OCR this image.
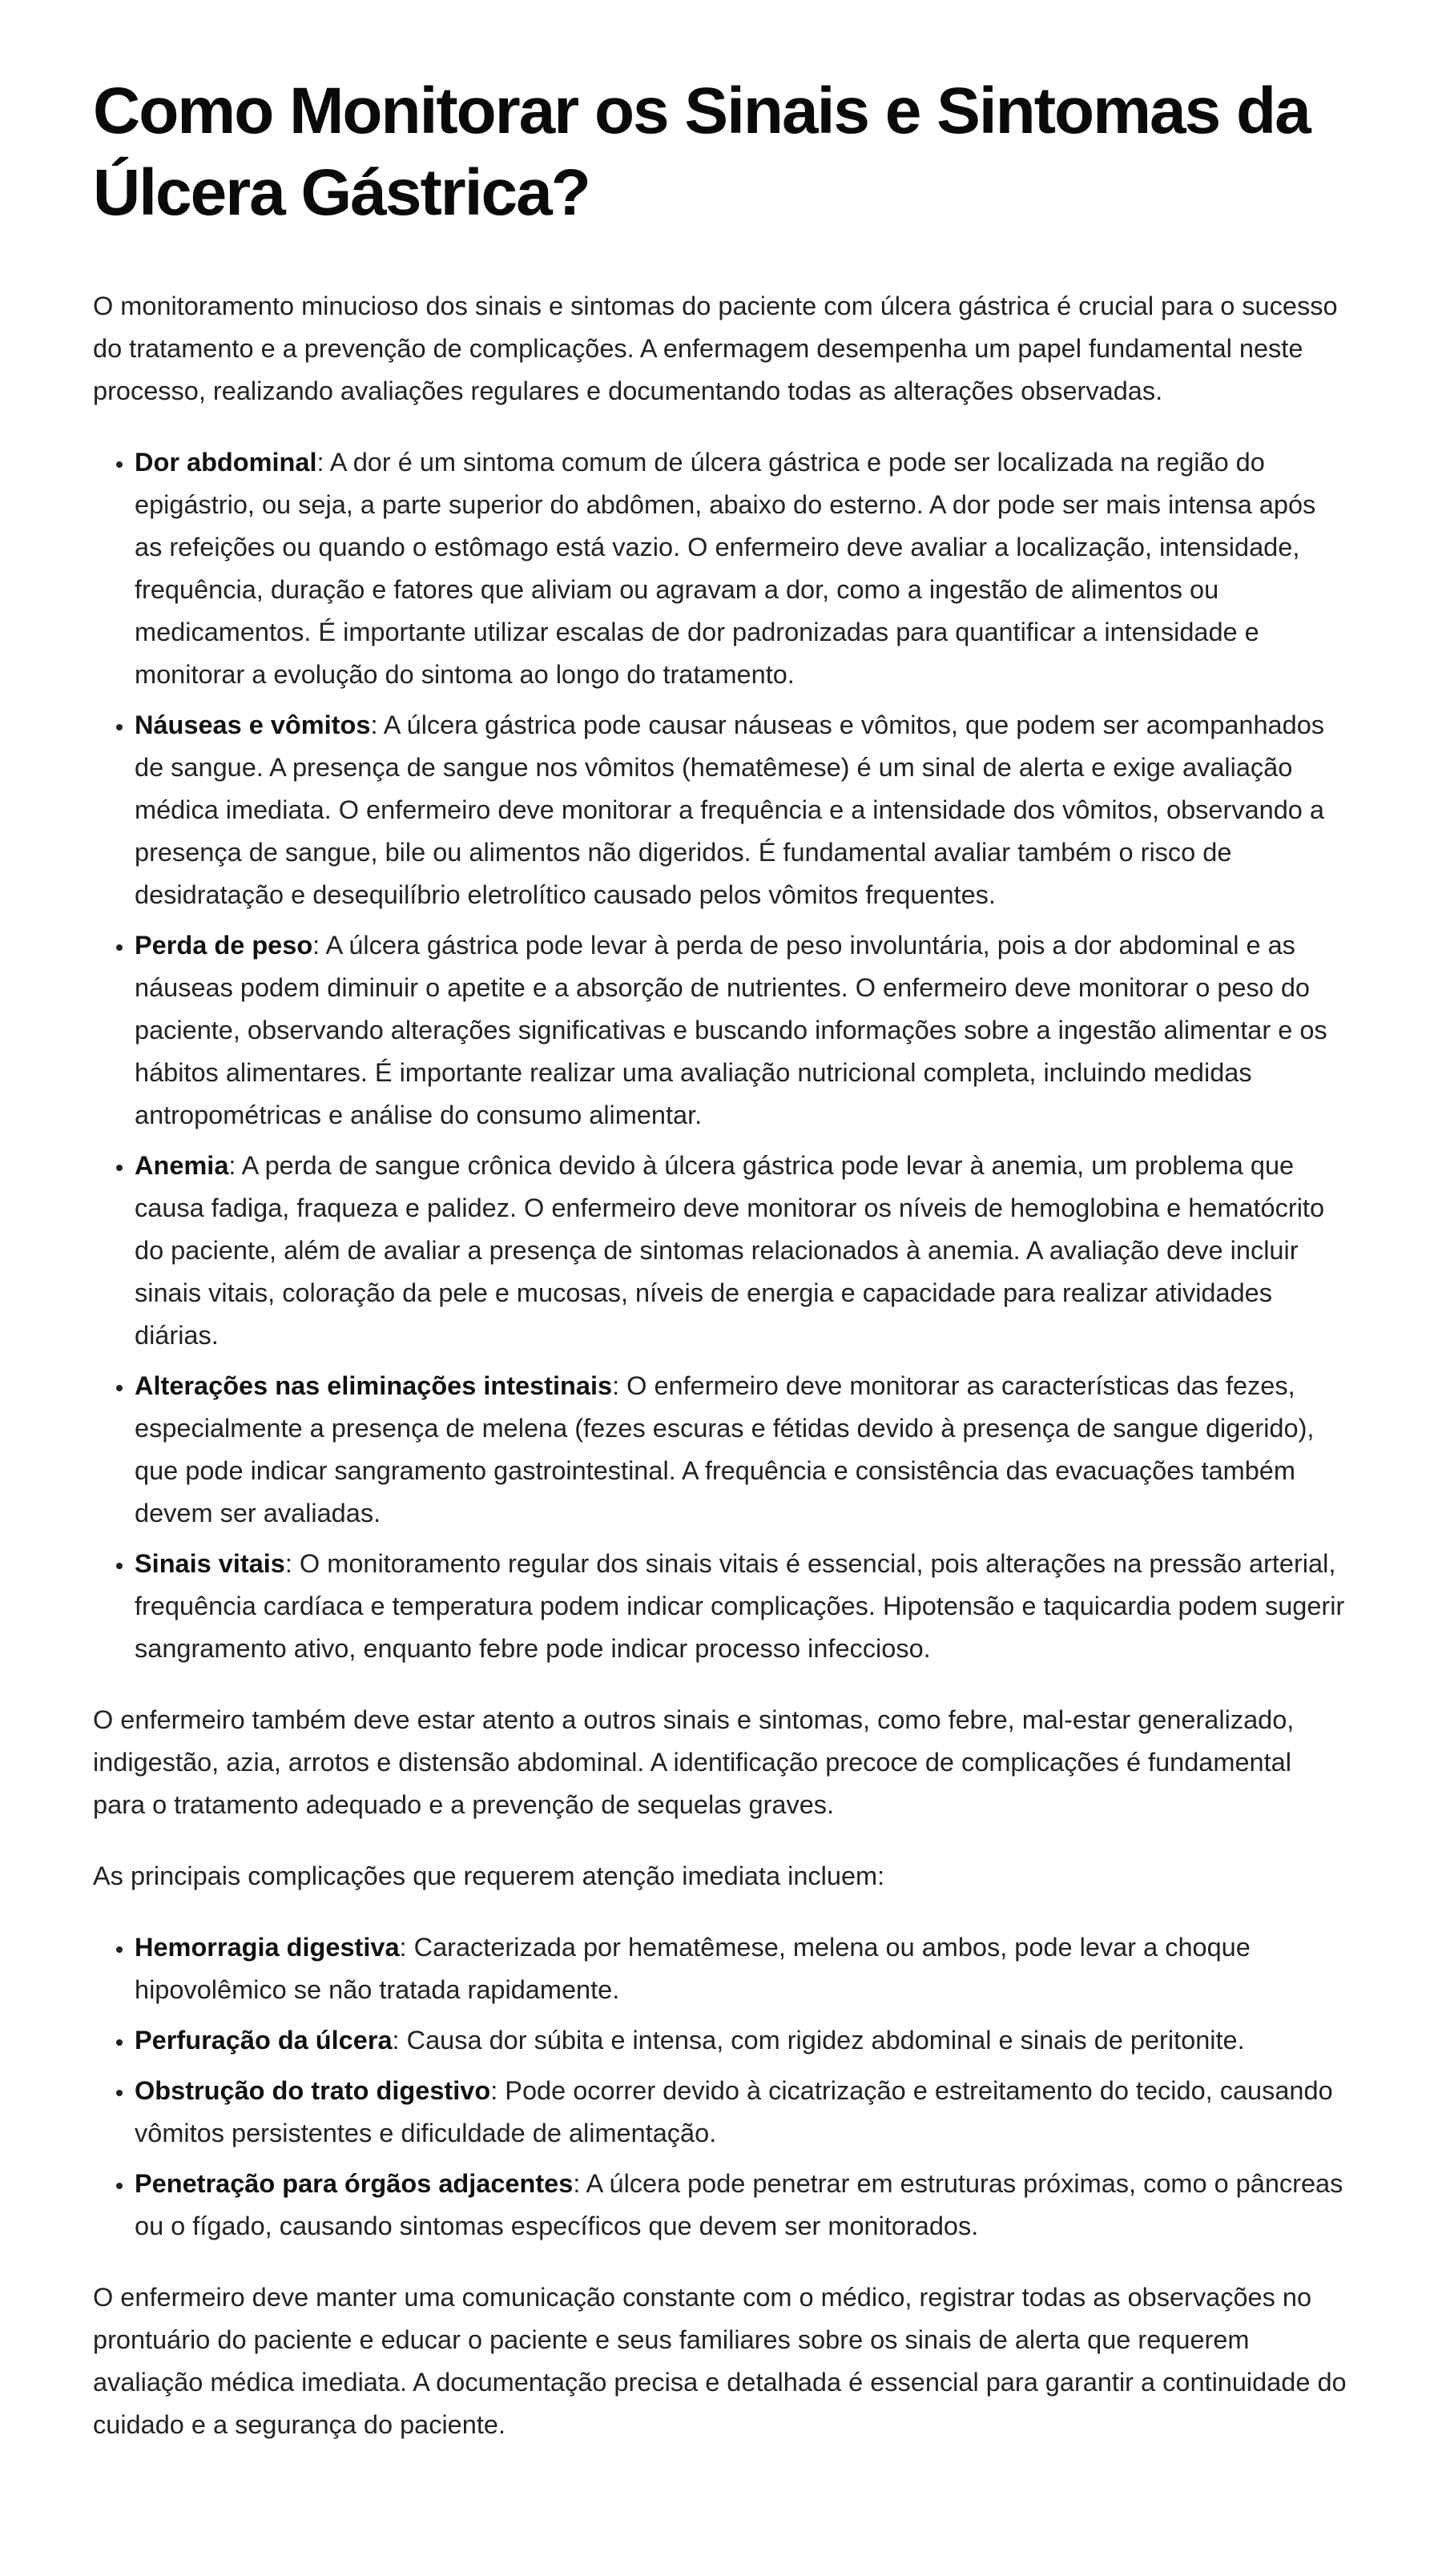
Como Monitorar os Sinais e Sintomas da Úlcera Gástrica?

O monitoramento minucioso dos sinais e sintomas do paciente com úlcera gástrica é crucial para o sucesso do tratamento e a prevenção de complicações. A enfermagem desempenha um papel fundamental neste processo, realizando avaliações regulares e documentando todas as alterações observadas.

• Dor abdominal: A dor é um sintoma comum de úlcera gástrica e pode ser localizada na região do epigástrio, ou seja, a parte superior do abdômen, abaixo do esterno. A dor pode ser mais intensa após as refeições ou quando o estômago está vazio. O enfermeiro deve avaliar a localização, intensidade, frequência, duração e fatores que aliviam ou agravam a dor, como a ingestão de alimentos ou medicamentos. É importante utilizar escalas de dor padronizadas para quantificar a intensidade e monitorar a evolução do sintoma ao longo do tratamento.
• Náuseas e vômitos: A úlcera gástrica pode causar náuseas e vômitos, que podem ser acompanhados de sangue. A presença de sangue nos vômitos (hematêmese) é um sinal de alerta e exige avaliação médica imediata. O enfermeiro deve monitorar a frequência e a intensidade dos vômitos, observando a presença de sangue, bile ou alimentos não digeridos. É fundamental avaliar também o risco de desidratação e desequilíbrio eletrolítico causado pelos vômitos frequentes.
• Perda de peso: A úlcera gástrica pode levar à perda de peso involuntária, pois a dor abdominal e as náuseas podem diminuir o apetite e a absorção de nutrientes. O enfermeiro deve monitorar o peso do paciente, observando alterações significativas e buscando informações sobre a ingestão alimentar e os hábitos alimentares. É importante realizar uma avaliação nutricional completa, incluindo medidas antropométricas e análise do consumo alimentar.
• Anemia: A perda de sangue crônica devido à úlcera gástrica pode levar à anemia, um problema que causa fadiga, fraqueza e palidez. O enfermeiro deve monitorar os níveis de hemoglobina e hematócrito do paciente, além de avaliar a presença de sintomas relacionados à anemia. A avaliação deve incluir sinais vitais, coloração da pele e mucosas, níveis de energia e capacidade para realizar atividades diárias.
• Alterações nas eliminações intestinais: O enfermeiro deve monitorar as características das fezes, especialmente a presença de melena (fezes escuras e fétidas devido à presença de sangue digerido), que pode indicar sangramento gastrointestinal. A frequência e consistência das evacuações também devem ser avaliadas.
• Sinais vitais: O monitoramento regular dos sinais vitais é essencial, pois alterações na pressão arterial, frequência cardíaca e temperatura podem indicar complicações. Hipotensão e taquicardia podem sugerir sangramento ativo, enquanto febre pode indicar processo infeccioso.

O enfermeiro também deve estar atento a outros sinais e sintomas, como febre, mal-estar generalizado, indigestão, azia, arrotos e distensão abdominal. A identificação precoce de complicações é fundamental para o tratamento adequado e a prevenção de sequelas graves.

As principais complicações que requerem atenção imediata incluem:

• Hemorragia digestiva: Caracterizada por hematêmese, melena ou ambos, pode levar a choque hipovolêmico se não tratada rapidamente.
• Perfuração da úlcera: Causa dor súbita e intensa, com rigidez abdominal e sinais de peritonite.
• Obstrução do trato digestivo: Pode ocorrer devido à cicatrização e estreitamento do tecido, causando vômitos persistentes e dificuldade de alimentação.
• Penetração para órgãos adjacentes: A úlcera pode penetrar em estruturas próximas, como o pâncreas ou o fígado, causando sintomas específicos que devem ser monitorados.

O enfermeiro deve manter uma comunicação constante com o médico, registrar todas as observações no prontuário do paciente e educar o paciente e seus familiares sobre os sinais de alerta que requerem avaliação médica imediata. A documentação precisa e detalhada é essencial para garantir a continuidade do cuidado e a segurança do paciente.
